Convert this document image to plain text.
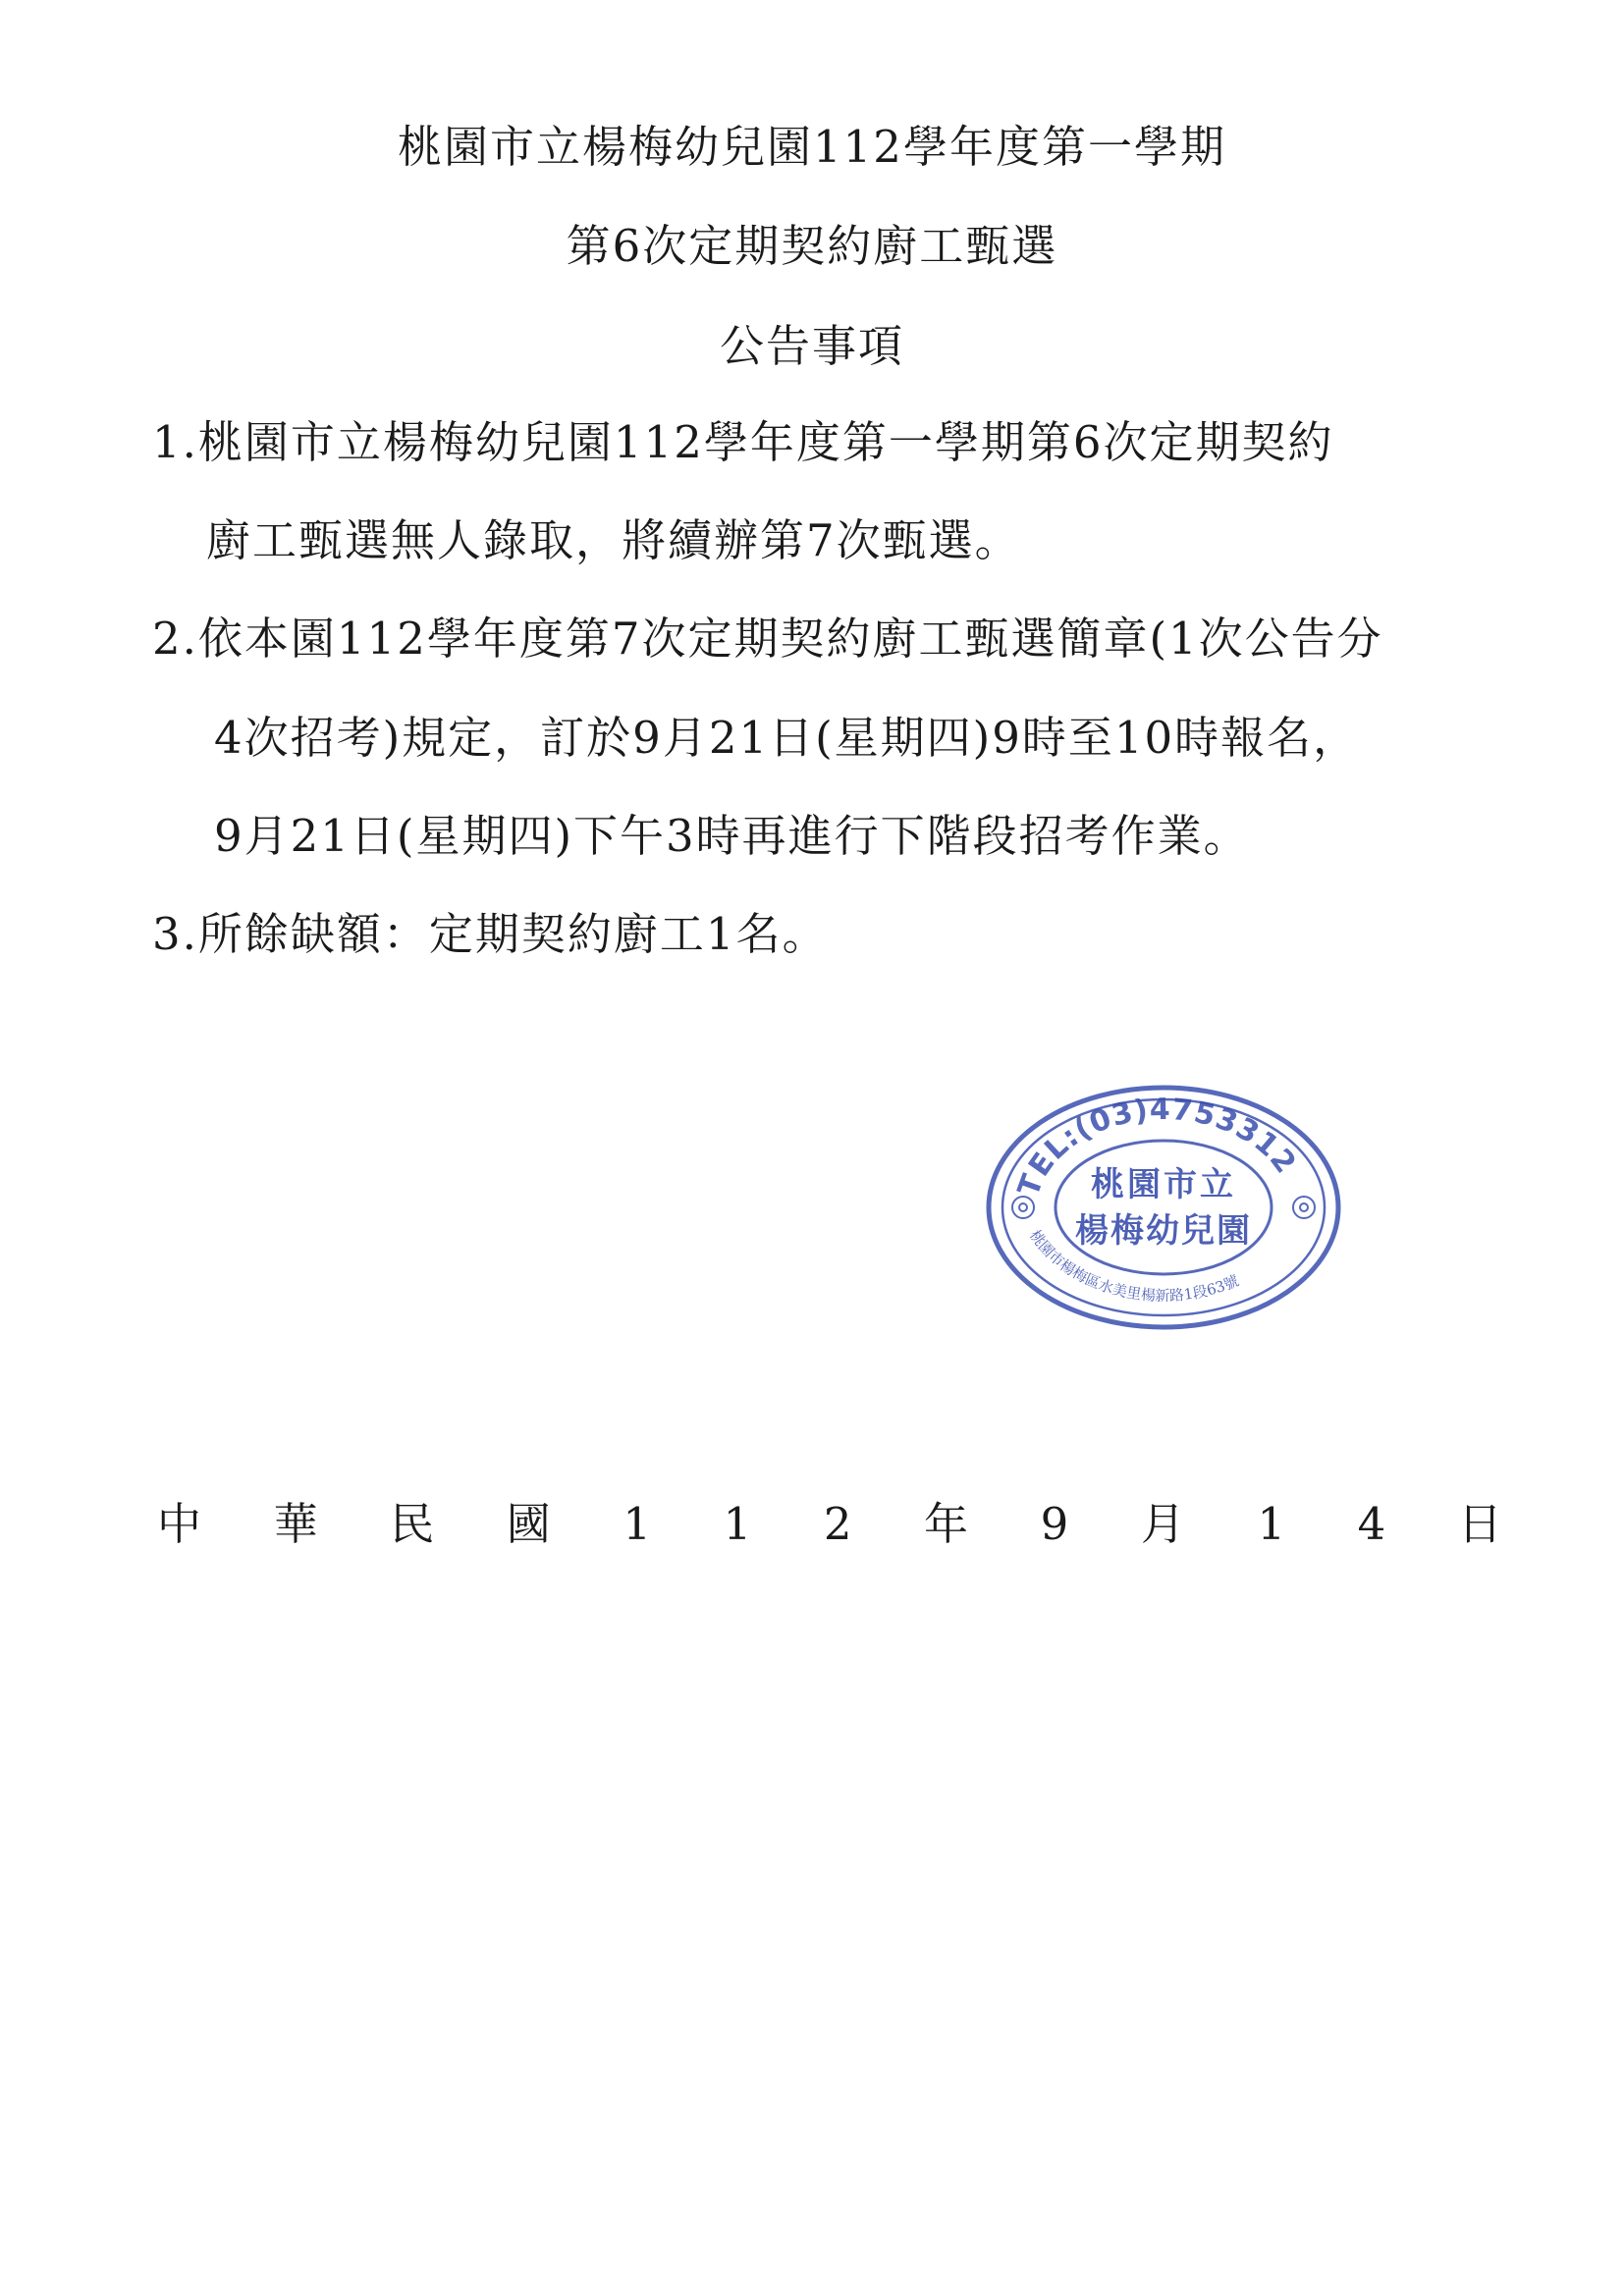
桃園市立楊梅幼兒園112學年度第一學期
第6次定期契約廚工甄選
公告事項
1.桃園市立楊梅幼兒園112學年度第一學期第6次定期契約
廚工甄選無人錄取，將續辦第7次甄選。
2.依本園112學年度第7次定期契約廚工甄選簡章(1次公告分
4次招考)規定，訂於9月21日(星期四)9時至10時報名，
9月21日(星期四)下午3時再進行下階段招考作業。
3.所餘缺額：定期契約廚工1名。
TEL:(03)4753312
桃園市楊梅區水美里楊新路1段63號
桃園市立
楊梅幼兒園
中 華 民 國 1 1 2 年 9 月 1 4 日
